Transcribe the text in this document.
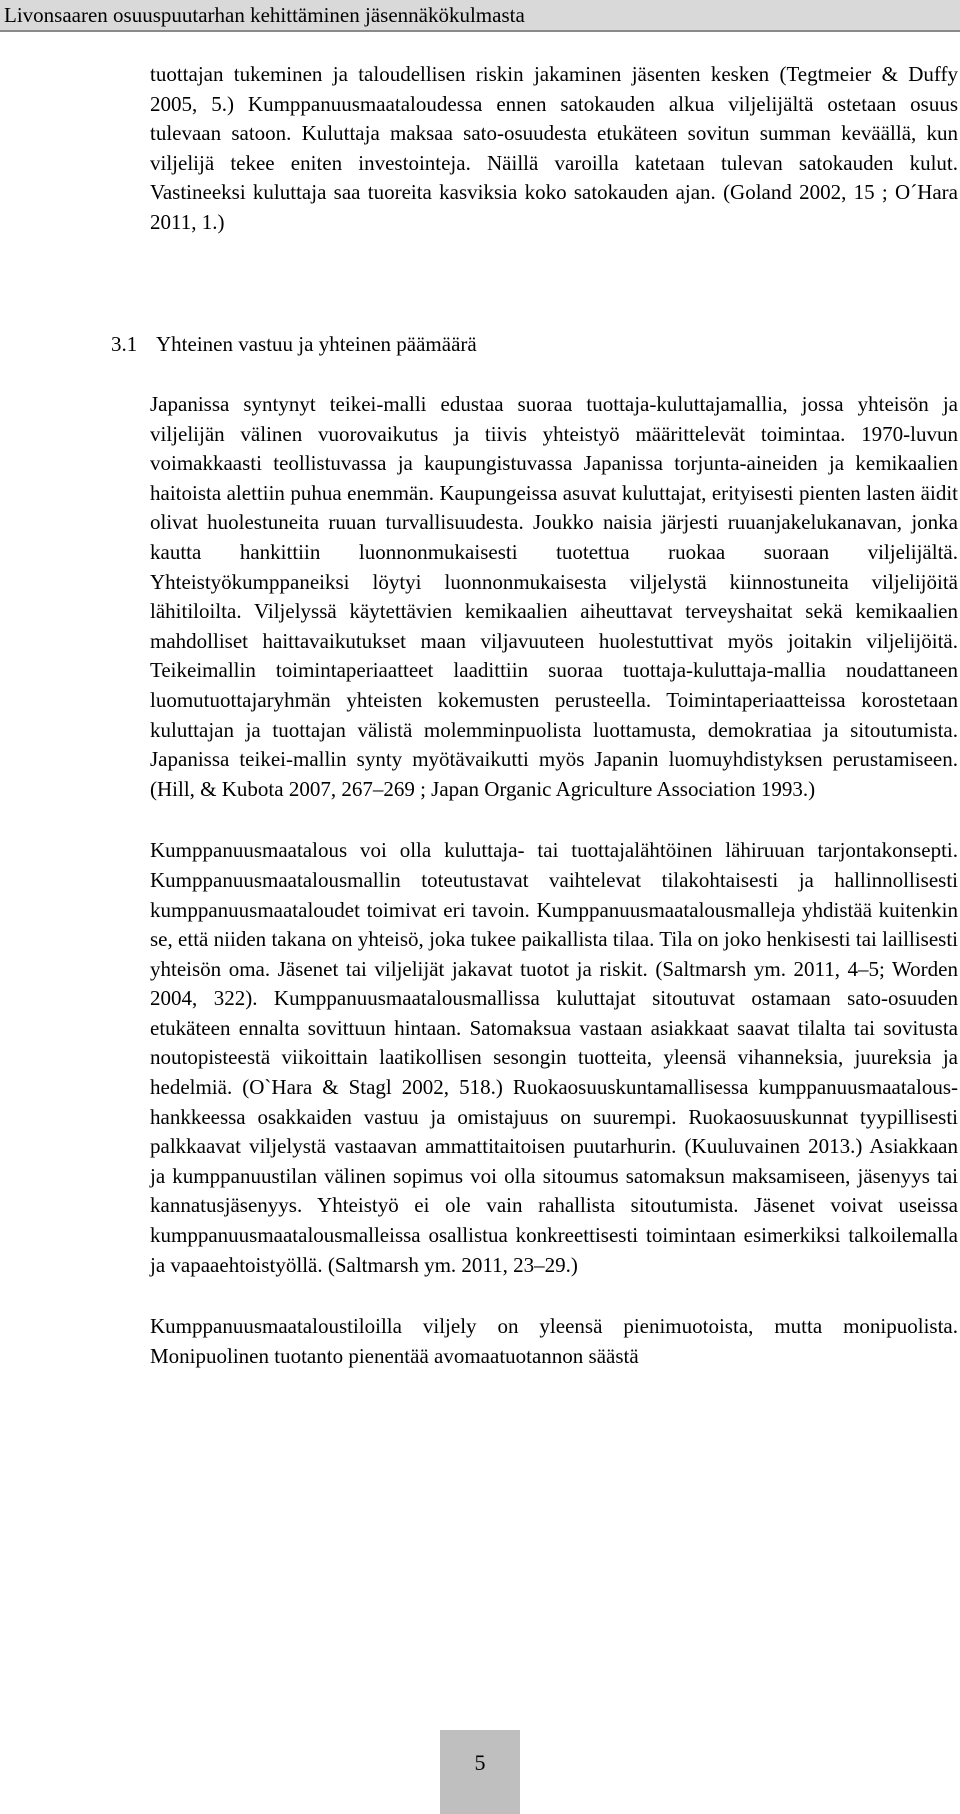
Livonsaaren osuuspuutarhan kehittäminen jäsennäkökulmasta

tuottajan tukeminen ja taloudellisen riskin jakaminen jäsenten kesken (Tegtmeier & Duffy 2005, 5.) Kumppanuusmaataloudessa ennen satokauden alkua viljelijältä ostetaan osuus tulevaan satoon. Kuluttaja maksaa sato-osuudesta etukäteen sovitun summan keväällä, kun viljelijä tekee eniten investointeja. Näillä varoilla katetaan tulevan satokauden kulut. Vastineeksi kuluttaja saa tuoreita kasviksia koko satokauden ajan. (Goland 2002, 15 ; O´Hara 2011, 1.)

3.1 Yhteinen vastuu ja yhteinen päämäärä

Japanissa syntynyt teikei-malli edustaa suoraa tuottaja-kuluttajamallia, jossa yhteisön ja viljelijän välinen vuorovaikutus ja tiivis yhteistyö määrittelevät toimintaa. 1970-luvun voimakkaasti teollistuvassa ja kaupungistuvassa Japanissa torjunta-aineiden ja kemikaalien haitoista alettiin puhua enemmän. Kaupungeissa asuvat kuluttajat, erityisesti pienten lasten äidit olivat huolestuneita ruuan turvallisuudesta. Joukko naisia järjesti ruuanjakelukanavan, jonka kautta hankittiin luonnonmukaisesti tuotettua ruokaa suoraan viljelijältä. Yhteistyökumppaneiksi löytyi luonnonmukaisesta viljelystä kiinnostuneita viljelijöitä lähitiloilta. Viljelyssä käytettävien kemikaalien aiheuttavat terveyshaitat sekä kemikaalien mahdolliset haittavaikutukset maan viljavuuteen huolestuttivat myös joitakin viljelijöitä. Teikeimallin toimintaperiaatteet laadittiin suoraa tuottaja-kuluttaja-mallia noudattaneen luomutuottajaryhmän yhteisten kokemusten perusteella. Toimintaperiaatteissa korostetaan kuluttajan ja tuottajan välistä molemminpuolista luottamusta, demokratiaa ja sitoutumista. Japanissa teikei-mallin synty myötävaikutti myös Japanin luomuyhdistyksen perustamiseen. (Hill, & Kubota 2007, 267–269 ; Japan Organic Agriculture Association 1993.)

Kumppanuusmaatalous voi olla kuluttaja- tai tuottajalähtöinen lähiruuan tarjontakonsepti. Kumppanuusmaatalousmallin toteutustavat vaihtelevat tilakohtaisesti ja hallinnollisesti kumppanuusmaataloudet toimivat eri tavoin. Kumppanuusmaatalousmalleja yhdistää kuitenkin se, että niiden takana on yhteisö, joka tukee paikallista tilaa. Tila on joko henkisesti tai laillisesti yhteisön oma. Jäsenet tai viljelijät jakavat tuotot ja riskit. (Saltmarsh ym. 2011, 4–5; Worden 2004, 322). Kumppanuusmaatalousmallissa kuluttajat sitoutuvat ostamaan sato-osuuden etukäteen ennalta sovittuun hintaan. Satomaksua vastaan asiakkaat saavat tilalta tai sovitusta noutopisteestä viikoittain laatikollisen sesongin tuotteita, yleensä vihanneksia, juureksia ja hedelmiä. (O`Hara & Stagl 2002, 518.) Ruokaosuuskuntamallisessa kumppanuusmaataloushankkeessa osakkaiden vastuu ja omistajuus on suurempi. Ruokaosuuskunnat tyypillisesti palkkaavat viljelystä vastaavan ammattitaitoisen puutarhurin. (Kuuluvainen 2013.) Asiakkaan ja kumppanuustilan välinen sopimus voi olla sitoumus satomaksun maksamiseen, jäsenyys tai kannatusjäsenyys. Yhteistyö ei ole vain rahallista sitoutumista. Jäsenet voivat useissa kumppanuusmaatalousmalleissa osallistua konkreettisesti toimintaan esimerkiksi talkoilemalla ja vapaaehtoistyöllä. (Saltmarsh ym. 2011, 23–29.)

Kumppanuusmaataloustiloilla viljely on yleensä pienimuotoista, mutta monipuolista. Monipuolinen tuotanto pienentää avomaatuotannon säästä

5
